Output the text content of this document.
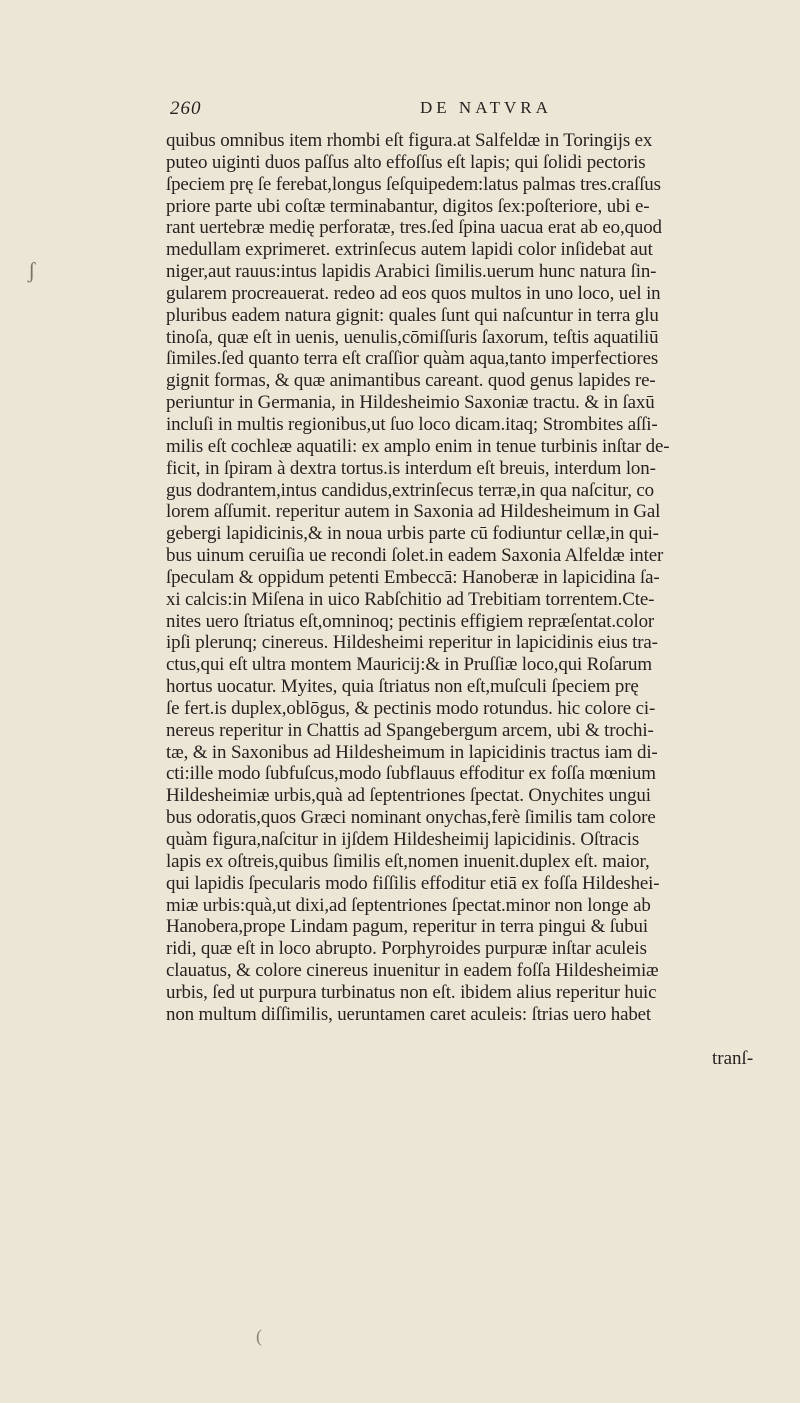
ʃ
260	DE NATVRA
quibus omnibus item rhombi eſt figura.at Salfeldæ in Toringijs ex
puteo uiginti duos paſſus alto effoſſus eſt lapis; qui ſolidi pectoris
ſpeciem prę ſe ferebat,longus ſeſquipedem:latus palmas tres.craſſus
priore parte ubi coſtæ terminabantur, digitos ſex:poſteriore, ubi e‐
rant uertebræ medię perforatæ, tres.ſed ſpina uacua erat ab eo,quod
medullam exprimeret. extrinſecus autem lapidi color inſidebat aut
niger,aut rauus:intus lapidis Arabici ſimilis.uerum hunc natura ſin‐
gularem procreauerat. redeo ad eos quos multos in uno loco, uel in
pluribus eadem natura gignit: quales ſunt qui naſcuntur in terra glu
tinoſa, quæ eſt in uenis, uenulis,cōmiſſuris ſaxorum, teſtis aquatiliū
ſimiles.ſed quanto terra eſt craſſior quàm aqua,tanto imperfectiores
gignit formas, & quæ animantibus careant. quod genus lapides re‐
periuntur in Germania, in Hildesheimio Saxoniæ tractu. & in ſaxū
incluſi in multis regionibus,ut ſuo loco dicam.itaq; Strombites aſſi‐
milis eſt cochleæ aquatili: ex amplo enim in tenue turbinis inſtar de‐
ficit, in ſpiram à dextra tortus.is interdum eſt breuis, interdum lon‐
gus dodrantem,intus candidus,extrinſecus terræ,in qua naſcitur, co
lorem aſſumit. reperitur autem in Saxonia ad Hildesheimum in Gal
gebergi lapidicinis,& in noua urbis parte cū fodiuntur cellæ,in qui‐
bus uinum ceruiſia ue recondi ſolet.in eadem Saxonia Alfeldæ inter
ſpeculam & oppidum petenti Embeccā: Hanoberæ in lapicidina ſa‐
xi calcis:in Miſena in uico Rabſchitio ad Trebitiam torrentem.Cte‐
nites uero ſtriatus eſt,omninoq; pectinis effigiem repræſentat.color
ipſi plerunq; cinereus. Hildesheimi reperitur in lapicidinis eius tra‐
ctus,qui eſt ultra montem Mauricij:& in Pruſſiæ loco,qui Roſarum
hortus uocatur. Myites, quia ſtriatus non eſt,muſculi ſpeciem prę
ſe fert.is duplex,oblōgus, & pectinis modo rotundus. hic colore ci‐
nereus reperitur in Chattis ad Spangebergum arcem, ubi & trochi‐
tæ, & in Saxonibus ad Hildesheimum in lapicidinis tractus iam di‐
cti:ille modo ſubfuſcus,modo ſubflauus effoditur ex foſſa mœnium
Hildesheimiæ urbis,quà ad ſeptentriones ſpectat. Onychites ungui
bus odoratis,quos Græci nominant onychas,ferè ſimilis tam colore
quàm figura,naſcitur in ijſdem Hildesheimij lapicidinis. Oſtracis
lapis ex oſtreis,quibus ſimilis eſt,nomen inuenit.duplex eſt. maior,
qui lapidis ſpecularis modo fiſſilis effoditur etiā ex foſſa Hildeshei‐
miæ urbis:quà,ut dixi,ad ſeptentriones ſpectat.minor non longe ab
Hanobera,prope Lindam pagum, reperitur in terra pingui & ſubui
ridi, quæ eſt in loco abrupto. Porphyroides purpuræ inſtar aculeis
clauatus, & colore cinereus inuenitur in eadem foſſa Hildesheimiæ
urbis, ſed ut purpura turbinatus non eſt. ibidem alius reperitur huic
non multum diſſimilis, ueruntamen caret aculeis: ſtrias uero habet
tranſ‐
(
